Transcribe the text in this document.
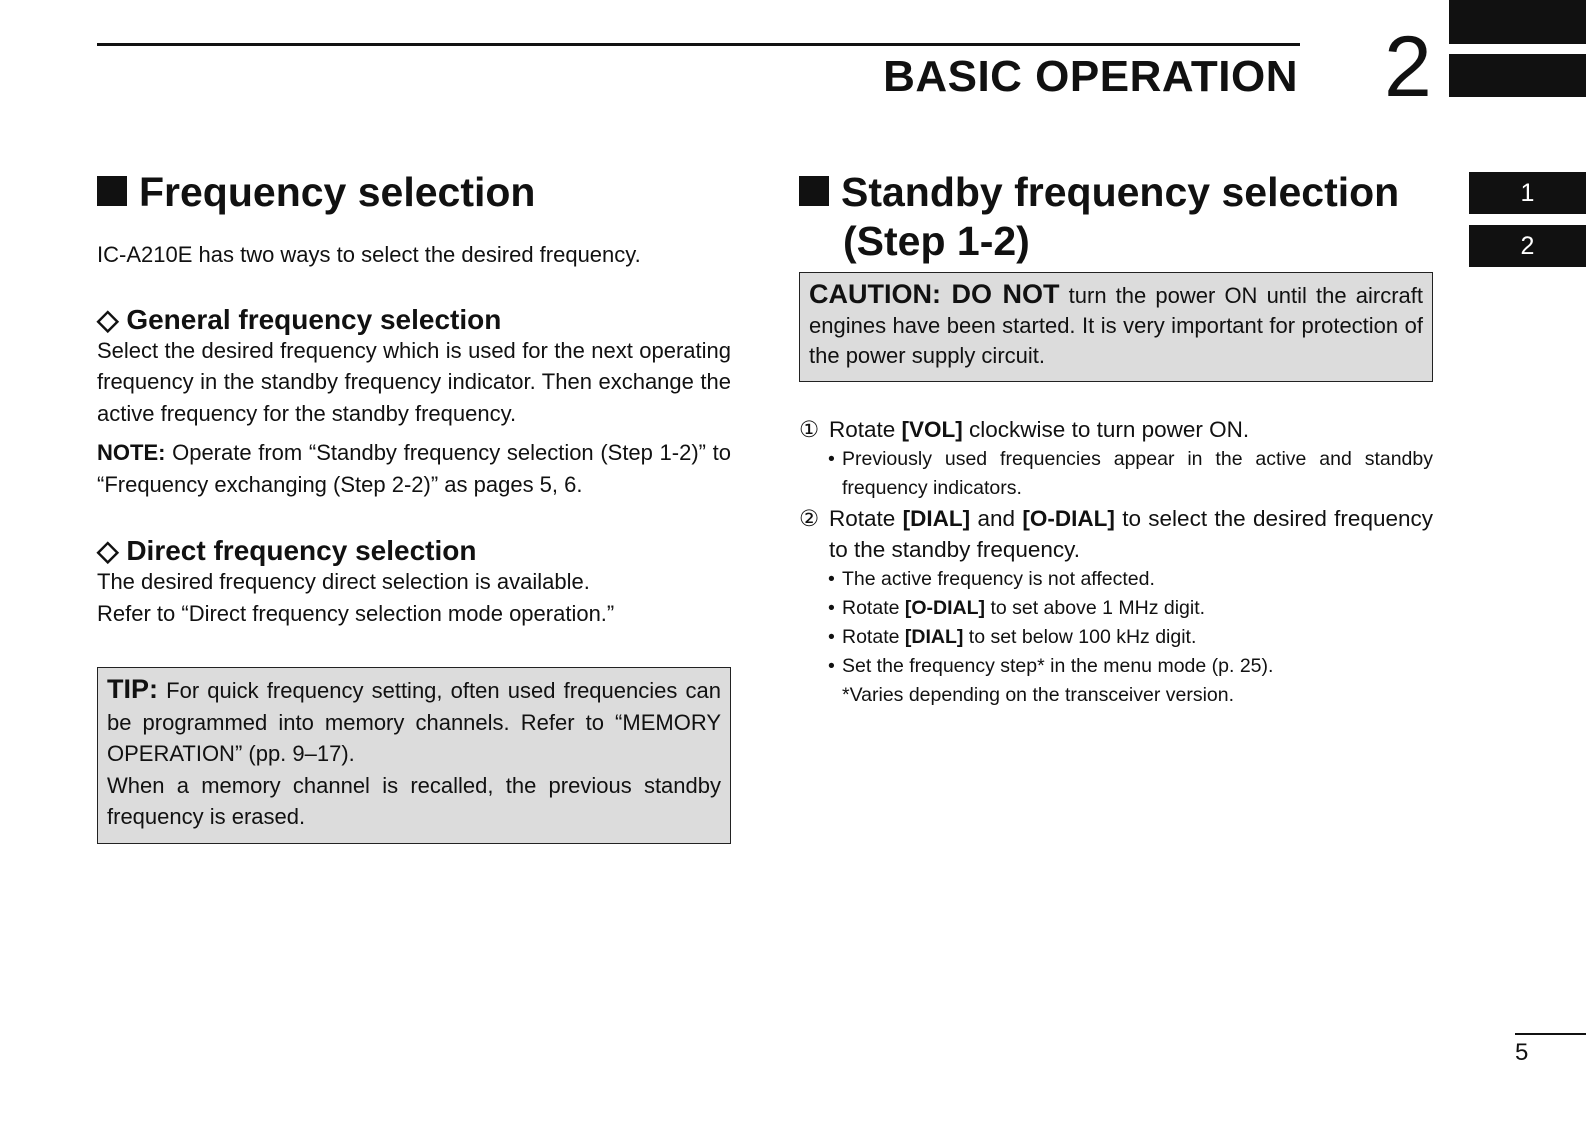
BASIC OPERATION 2
1
2
Frequency selection
IC-A210E has two ways to select the desired frequency.
◇ General frequency selection
Select the desired frequency which is used for the next operating frequency in the standby frequency indicator. Then exchange the active frequency for the standby frequency.
NOTE: Operate from “Standby frequency selection (Step 1-2)” to “Frequency exchanging (Step 2-2)” as pages 5, 6.
◇ Direct frequency selection
The desired frequency direct selection is available.
Refer to “Direct frequency selection mode operation.”
TIP: For quick frequency setting, often used frequencies can be programmed into memory channels. Refer to “MEMORY OPERATION” (pp. 9–17).
When a memory channel is recalled, the previous standby frequency is erased.
Standby frequency selection
(Step 1-2)
CAUTION: DO NOT turn the power ON until the aircraft engines have been started. It is very important for protection of the power supply circuit.
① Rotate [VOL] clockwise to turn power ON.
• Previously used frequencies appear in the active and standby frequency indicators.
② Rotate [DIAL] and [O-DIAL] to select the desired frequency to the standby frequency.
• The active frequency is not affected.
• Rotate [O-DIAL] to set above 1 MHz digit.
• Rotate [DIAL] to set below 100 kHz digit.
• Set the frequency step* in the menu mode (p. 25).
*Varies depending on the transceiver version.
5
